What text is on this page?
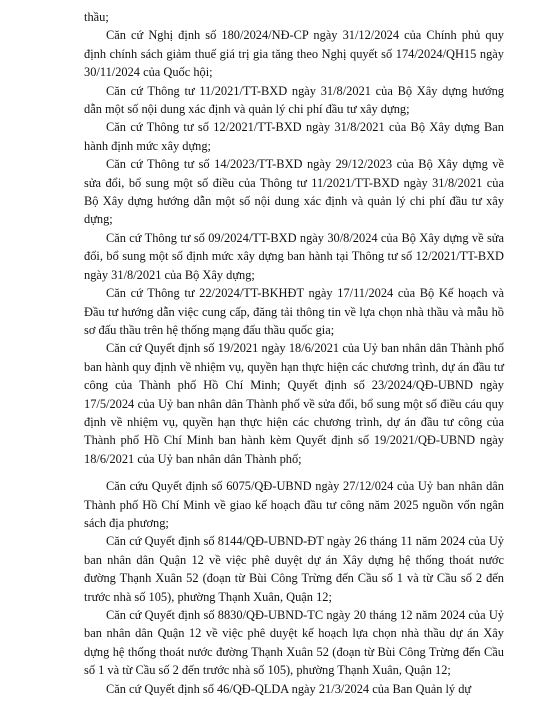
thầu;

Căn cứ Nghị định số 180/2024/NĐ-CP ngày 31/12/2024 của Chính phủ quy định chính sách giảm thuế giá trị gia tăng theo Nghị quyết số 174/2024/QH15 ngày 30/11/2024 của Quốc hội;

Căn cứ Thông tư 11/2021/TT-BXD ngày 31/8/2021 của Bộ Xây dựng hướng dẫn một số nội dung xác định và quản lý chi phí đầu tư xây dựng;

Căn cứ Thông tư số 12/2021/TT-BXD ngày 31/8/2021 của Bộ Xây dựng Ban hành định mức xây dựng;

Căn cứ Thông tư số 14/2023/TT-BXD ngày 29/12/2023 của Bộ Xây dựng về sửa đổi, bổ sung một số điều của Thông tư 11/2021/TT-BXD ngày 31/8/2021 của Bộ Xây dựng hướng dẫn một số nội dung xác định và quản lý chi phí đầu tư xây dựng;

Căn cứ Thông tư số 09/2024/TT-BXD ngày 30/8/2024 của Bộ Xây dựng về sửa đổi, bổ sung một số định mức xây dựng ban hành tại Thông tư số 12/2021/TT-BXD ngày 31/8/2021 của Bộ Xây dựng;

Căn cứ Thông tư 22/2024/TT-BKHĐT ngày 17/11/2024 của Bộ Kế hoạch và Đầu tư hướng dẫn việc cung cấp, đăng tải thông tin về lựa chọn nhà thầu và mẫu hồ sơ đấu thầu trên hệ thống mạng đấu thầu quốc gia;

Căn cứ Quyết định số 19/2021 ngày 18/6/2021 của Uỷ ban nhân dân Thành phố ban hành quy định về nhiệm vụ, quyền hạn thực hiện các chương trình, dự án đầu tư công của Thành phố Hồ Chí Minh; Quyết định số 23/2024/QĐ-UBND ngày 17/5/2024 của Uỷ ban nhân dân Thành phố về sửa đổi, bổ sung một số điều cáu quy định về nhiệm vụ, quyền hạn thực hiện các chương trình, dự án đầu tư công của Thành phố Hồ Chí Minh ban hành kèm Quyết định số 19/2021/QĐ-UBND ngày 18/6/2021 của Uỷ ban nhân dân Thành phố;

Căn cứu Quyết định số 6075/QĐ-UBND ngày 27/12/024 của Uỷ ban nhân dân Thành phố Hồ Chí Minh về giao kế hoạch đầu tư công năm 2025 nguồn vốn ngân sách địa phương;

Căn cứ Quyết định số 8144/QĐ-UBND-ĐT ngày 26 tháng 11 năm 2024 của Uỷ ban nhân dân Quận 12 về việc phê duyệt dự án Xây dựng hệ thống thoát nước đường Thạnh Xuân 52 (đoạn từ Bùi Công Trừng đến Cầu số 1 và từ Cầu số 2 đến trước nhà số 105), phường Thạnh Xuân, Quận 12;

Căn cứ Quyết định số 8830/QĐ-UBND-TC ngày 20 tháng 12 năm 2024 của Uỷ ban nhân dân Quận 12 về việc phê duyệt kế hoạch lựa chọn nhà thầu dự án Xây dựng hệ thống thoát nước đường Thạnh Xuân 52 (đoạn từ Bùi Công Trừng đến Cầu số 1 và từ Cầu số 2 đến trước nhà số 105), phường Thạnh Xuân, Quận 12;

Căn cứ Quyết định số 46/QĐ-QLDA ngày 21/3/2024 của Ban Quản lý dự
